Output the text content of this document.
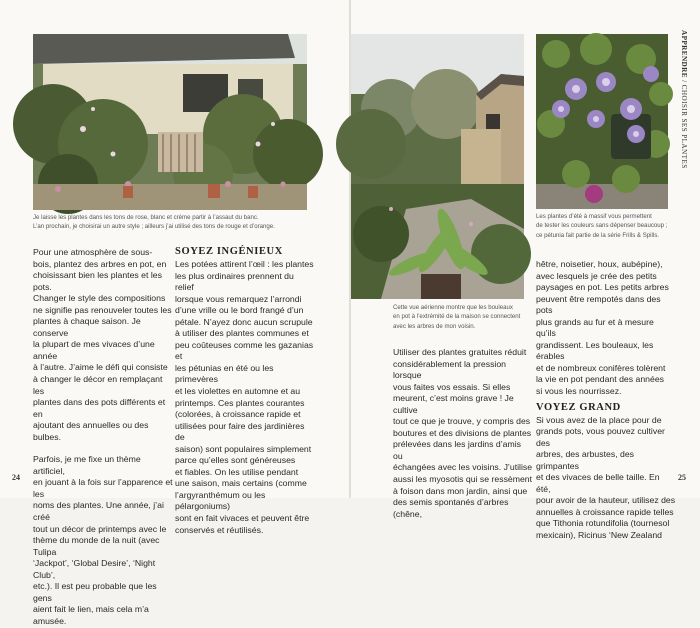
Je laisse les plantes dans les tons de rose, blanc et crème partir à l’assaut du banc.
L’an prochain, je choisirai un autre style ; ailleurs j’ai utilisé des tons de rouge et d’orange.

Pour une atmosphère de sous-
bois, plantez des arbres en pot, en
choisissant bien les plantes et les pots.
Changer le style des compositions
ne signifie pas renouveler toutes les
plantes à chaque saison. Je conserve
la plupart de mes vivaces d’une année
à l’autre. J’aime le défi qui consiste
à changer le décor en remplaçant les
plantes dans des pots différents et en
ajoutant des annuelles ou des bulbes.

Parfois, je me fixe un thème artificiel,
en jouant à la fois sur l’apparence et les
noms des plantes. Une année, j’ai créé
tout un décor de printemps avec le
thème du monde de la nuit (avec Tulipa
‘Jackpot’, ‘Global Desire’, ‘Night Club’,
etc.). Il est peu probable que les gens
aient fait le lien, mais cela m’a amusée.

SOYEZ INGÉNIEUX
Les potées attirent l’œil : les plantes
les plus ordinaires prennent du relief
lorsque vous remarquez l’arrondi
d’une vrille ou le bord frangé d’un
pétale. N’ayez donc aucun scrupule
à utiliser des plantes communes et
peu coûteuses comme les gazanias et
les pétunias en été ou les primevères
et les violettes en automne et au
printemps. Ces plantes courantes
(colorées, à croissance rapide et
utilisées pour faire des jardinières de
saison) sont populaires simplement
parce qu’elles sont généreuses
et fiables. On les utilise pendant
une saison, mais certains (comme
l’argyranthémum ou les pélargoniums)
sont en fait vivaces et peuvent être
conservés et réutilisés.
24
Cette vue aérienne montre que les bouleaux
en pot à l’extrémité de la maison se connectent
avec les arbres de mon voisin.
Les plantes d’été à massif vous permettent
de tester les couleurs sans dépenser beaucoup ;
ce pétunia fait partie de la série Frills & Spills.
Utiliser des plantes gratuites réduit
considérablement la pression lorsque
vous faites vos essais. Si elles
meurent, c’est moins grave ! Je cultive
tout ce que je trouve, y compris des
boutures et des divisions de plantes
prélevées dans les jardins d’amis ou
échangées avec les voisins. J’utilise
aussi les myosotis qui se ressèment
à foison dans mon jardin, ainsi que
des semis spontanés d’arbres (chêne,
hêtre, noisetier, houx, aubépine),
avec lesquels je crée des petits
paysages en pot. Les petits arbres
peuvent être rempotés dans des pots
plus grands au fur et à mesure qu’ils
grandissent. Les bouleaux, les érables
et de nombreux conifères tolèrent
la vie en pot pendant des années
si vous les nourrissez.
VOYEZ GRAND
Si vous avez de la place pour de
grands pots, vous pouvez cultiver des
arbres, des arbustes, des grimpantes
et des vivaces de belle taille. En été,
pour avoir de la hauteur, utilisez des
annuelles à croissance rapide telles
que Tithonia rotundifolia (tournesol
mexicain), Ricinus ‘New Zealand
APPRENDRE / CHOISIR SES PLANTES
25
